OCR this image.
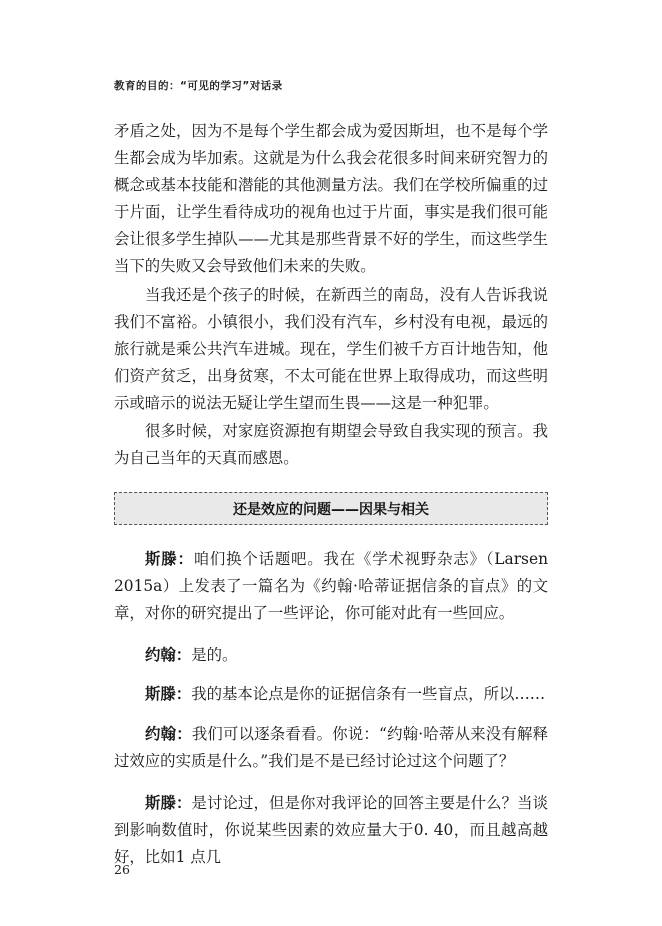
教育的目的：“可见的学习”对话录

矛盾之处，因为不是每个学生都会成为爱因斯坦，也不是每个学生都会成为毕加索。这就是为什么我会花很多时间来研究智力的概念或基本技能和潜能的其他测量方法。我们在学校所偏重的过于片面，让学生看待成功的视角也过于片面，事实是我们很可能会让很多学生掉队——尤其是那些背景不好的学生，而这些学生当下的失败又会导致他们未来的失败。

当我还是个孩子的时候，在新西兰的南岛，没有人告诉我说我们不富裕。小镇很小，我们没有汽车，乡村没有电视，最远的旅行就是乘公共汽车进城。现在，学生们被千方百计地告知，他们资产贫乏，出身贫寒，不太可能在世界上取得成功，而这些明示或暗示的说法无疑让学生望而生畏——这是一种犯罪。

很多时候，对家庭资源抱有期望会导致自我实现的预言。我为自己当年的天真而感恩。

还是效应的问题——因果与相关

斯滕：咱们换个话题吧。我在《学术视野杂志》（Larsen 2015a）上发表了一篇名为《约翰·哈蒂证据信条的盲点》的文章，对你的研究提出了一些评论，你可能对此有一些回应。

约翰：是的。

斯滕：我的基本论点是你的证据信条有一些盲点，所以……

约翰：我们可以逐条看看。你说：“约翰·哈蒂从来没有解释过效应的实质是什么。”我们是不是已经讨论过这个问题了？

斯滕：是讨论过，但是你对我评论的回答主要是什么？当谈到影响数值时，你说某些因素的效应量大于0. 40，而且越高越好，比如1 点几

26
